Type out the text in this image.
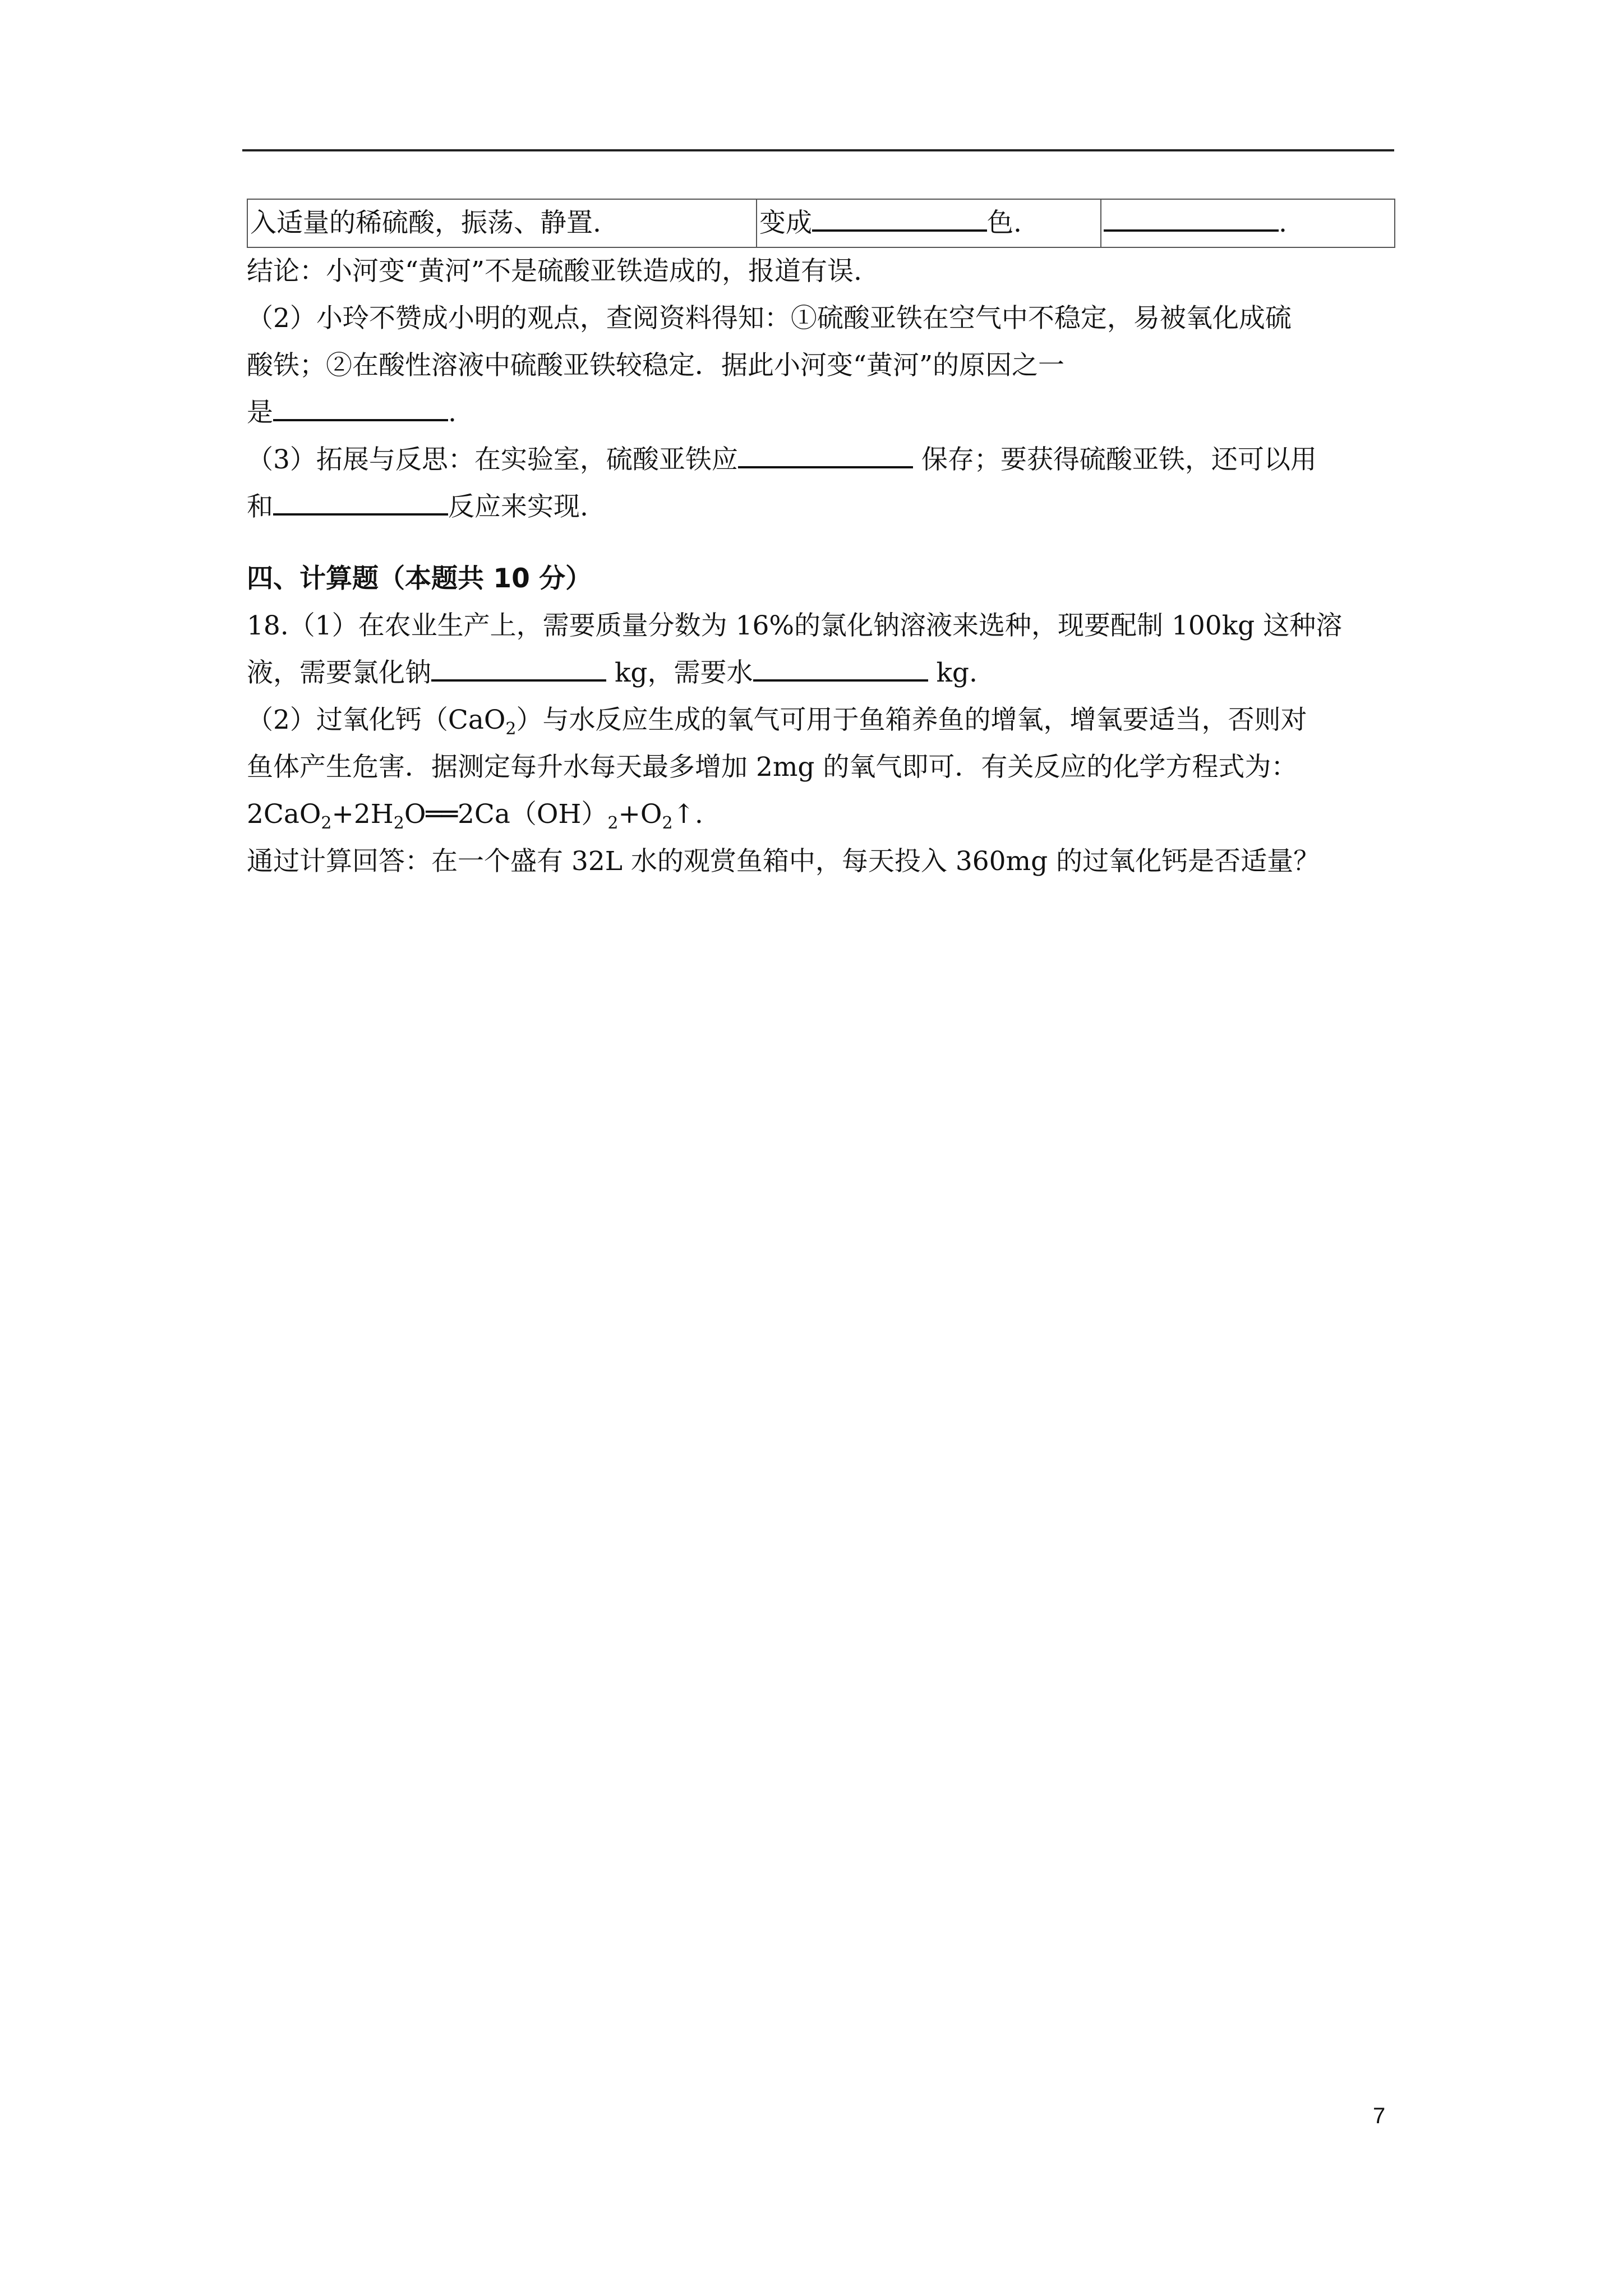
入适量的稀硫酸，振荡、静置.	变成	色.	.
结论：小河变“黄河”不是硫酸亚铁造成的，报道有误.
（2）小玲不赞成小明的观点，查阅资料得知：①硫酸亚铁在空气中不稳定，易被氧化成硫
酸铁；②在酸性溶液中硫酸亚铁较稳定．据此小河变“黄河”的原因之一
是	.
（3）拓展与反思：在实验室，硫酸亚铁应	保存；要获得硫酸亚铁，还可以用
和	反应来实现.
四、计算题（本题共 10 分）
18.（1）在农业生产上，需要质量分数为 16%的氯化钠溶液来选种，现要配制 100kg 这种溶
液，需要氯化钠	kg，需要水	kg.
（2）过氧化钙（CaO$_2$）与水反应生成的氧气可用于鱼箱养鱼的增氧，增氧要适当，否则对
鱼体产生危害．据测定每升水每天最多增加 2mg 的氧气即可．有关反应的化学方程式为：
$2CaO_2+2H_2O══2Ca(OH)_2+O_2↑$.
通过计算回答：在一个盛有 32L 水的观赏鱼箱中，每天投入 360mg 的过氧化钙是否适量？
7
